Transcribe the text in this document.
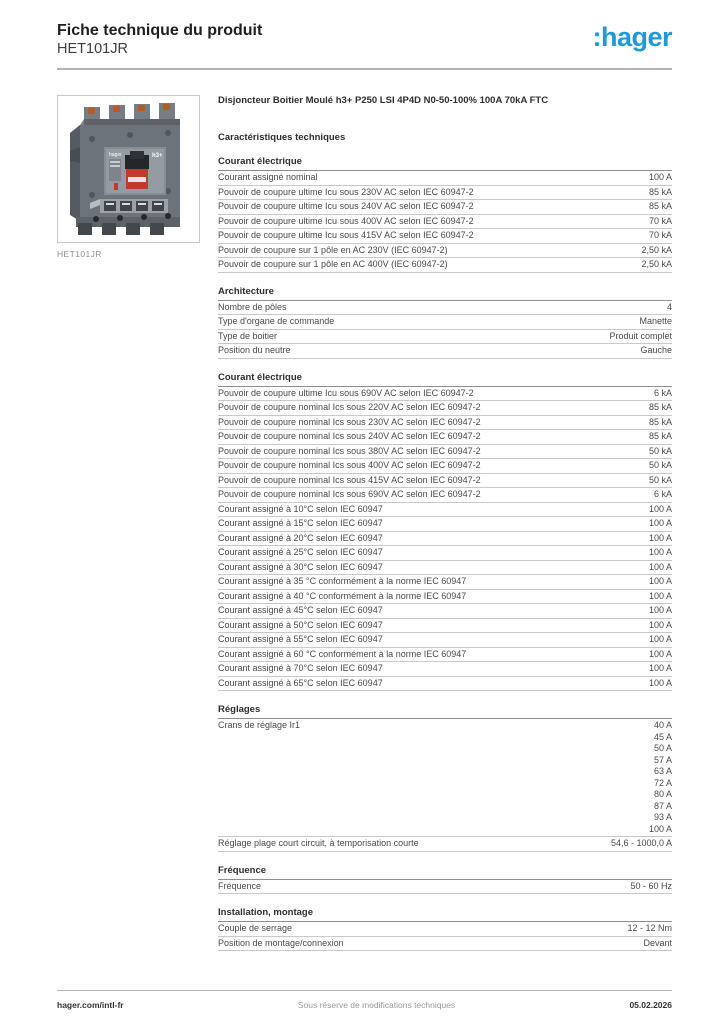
Fiche technique du produit
HET101JR	:hager
hager	h3+
HET101JR
Disjoncteur Boitier Moulé h3+ P250 LSI 4P4D N0-50-100% 100A 70kA FTC
Caractéristiques techniques
Courant électrique
Courant assigné nominal	100 A
Pouvoir de coupure ultime Icu sous 230V AC selon IEC 60947-2	85 kA
Pouvoir de coupure ultime Icu sous 240V AC selon IEC 60947-2	85 kA
Pouvoir de coupure ultime Icu sous 400V AC selon IEC 60947-2	70 kA
Pouvoir de coupure ultime Icu sous 415V AC selon IEC 60947-2	70 kA
Pouvoir de coupure sur 1 pôle en AC 230V (IEC 60947-2)	2,50 kA
Pouvoir de coupure sur 1 pôle en AC 400V (IEC 60947-2)	2,50 kA
Architecture
Nombre de pôles	4
Type d'organe de commande	Manette
Type de boitier	Produit complet
Position du neutre	Gauche
Courant électrique
Pouvoir de coupure ultime Icu sous 690V AC selon IEC 60947-2	6 kA
Pouvoir de coupure nominal Ics sous 220V AC selon IEC 60947-2	85 kA
Pouvoir de coupure nominal Ics sous 230V AC selon IEC 60947-2	85 kA
Pouvoir de coupure nominal Ics sous 240V AC selon IEC 60947-2	85 kA
Pouvoir de coupure nominal Ics sous 380V AC selon IEC 60947-2	50 kA
Pouvoir de coupure nominal Ics sous 400V AC selon IEC 60947-2	50 kA
Pouvoir de coupure nominal Ics sous 415V AC selon IEC 60947-2	50 kA
Pouvoir de coupure nominal Ics sous 690V AC selon IEC 60947-2	6 kA
Courant assigné à 10°C selon IEC 60947	100 A
Courant assigné à 15°C selon IEC 60947	100 A
Courant assigné à 20°C selon IEC 60947	100 A
Courant assigné à 25°C selon IEC 60947	100 A
Courant assigné à 30°C selon IEC 60947	100 A
Courant assigné à 35 °C conformément à la norme IEC 60947	100 A
Courant assigné à 40 °C conformément à la norme IEC 60947	100 A
Courant assigné à 45°C selon IEC 60947	100 A
Courant assigné à 50°C selon IEC 60947	100 A
Courant assigné à 55°C selon IEC 60947	100 A
Courant assigné à 60 °C conformément à la norme IEC 60947	100 A
Courant assigné à 70°C selon IEC 60947	100 A
Courant assigné à 65°C selon IEC 60947	100 A
Réglages
Crans de réglage Ir1	40 A
45 A
50 A
57 A
63 A
72 A
80 A
87 A
93 A
100 A
Réglage plage court circuit, à temporisation courte	54,6 - 1000,0 A
Fréquence
Fréquence	50 - 60 Hz
Installation, montage
Couple de serrage	12 - 12 Nm
Position de montage/connexion	Devant
hager.com/intl-fr	Sous réserve de modifications techniques	05.02.2026
